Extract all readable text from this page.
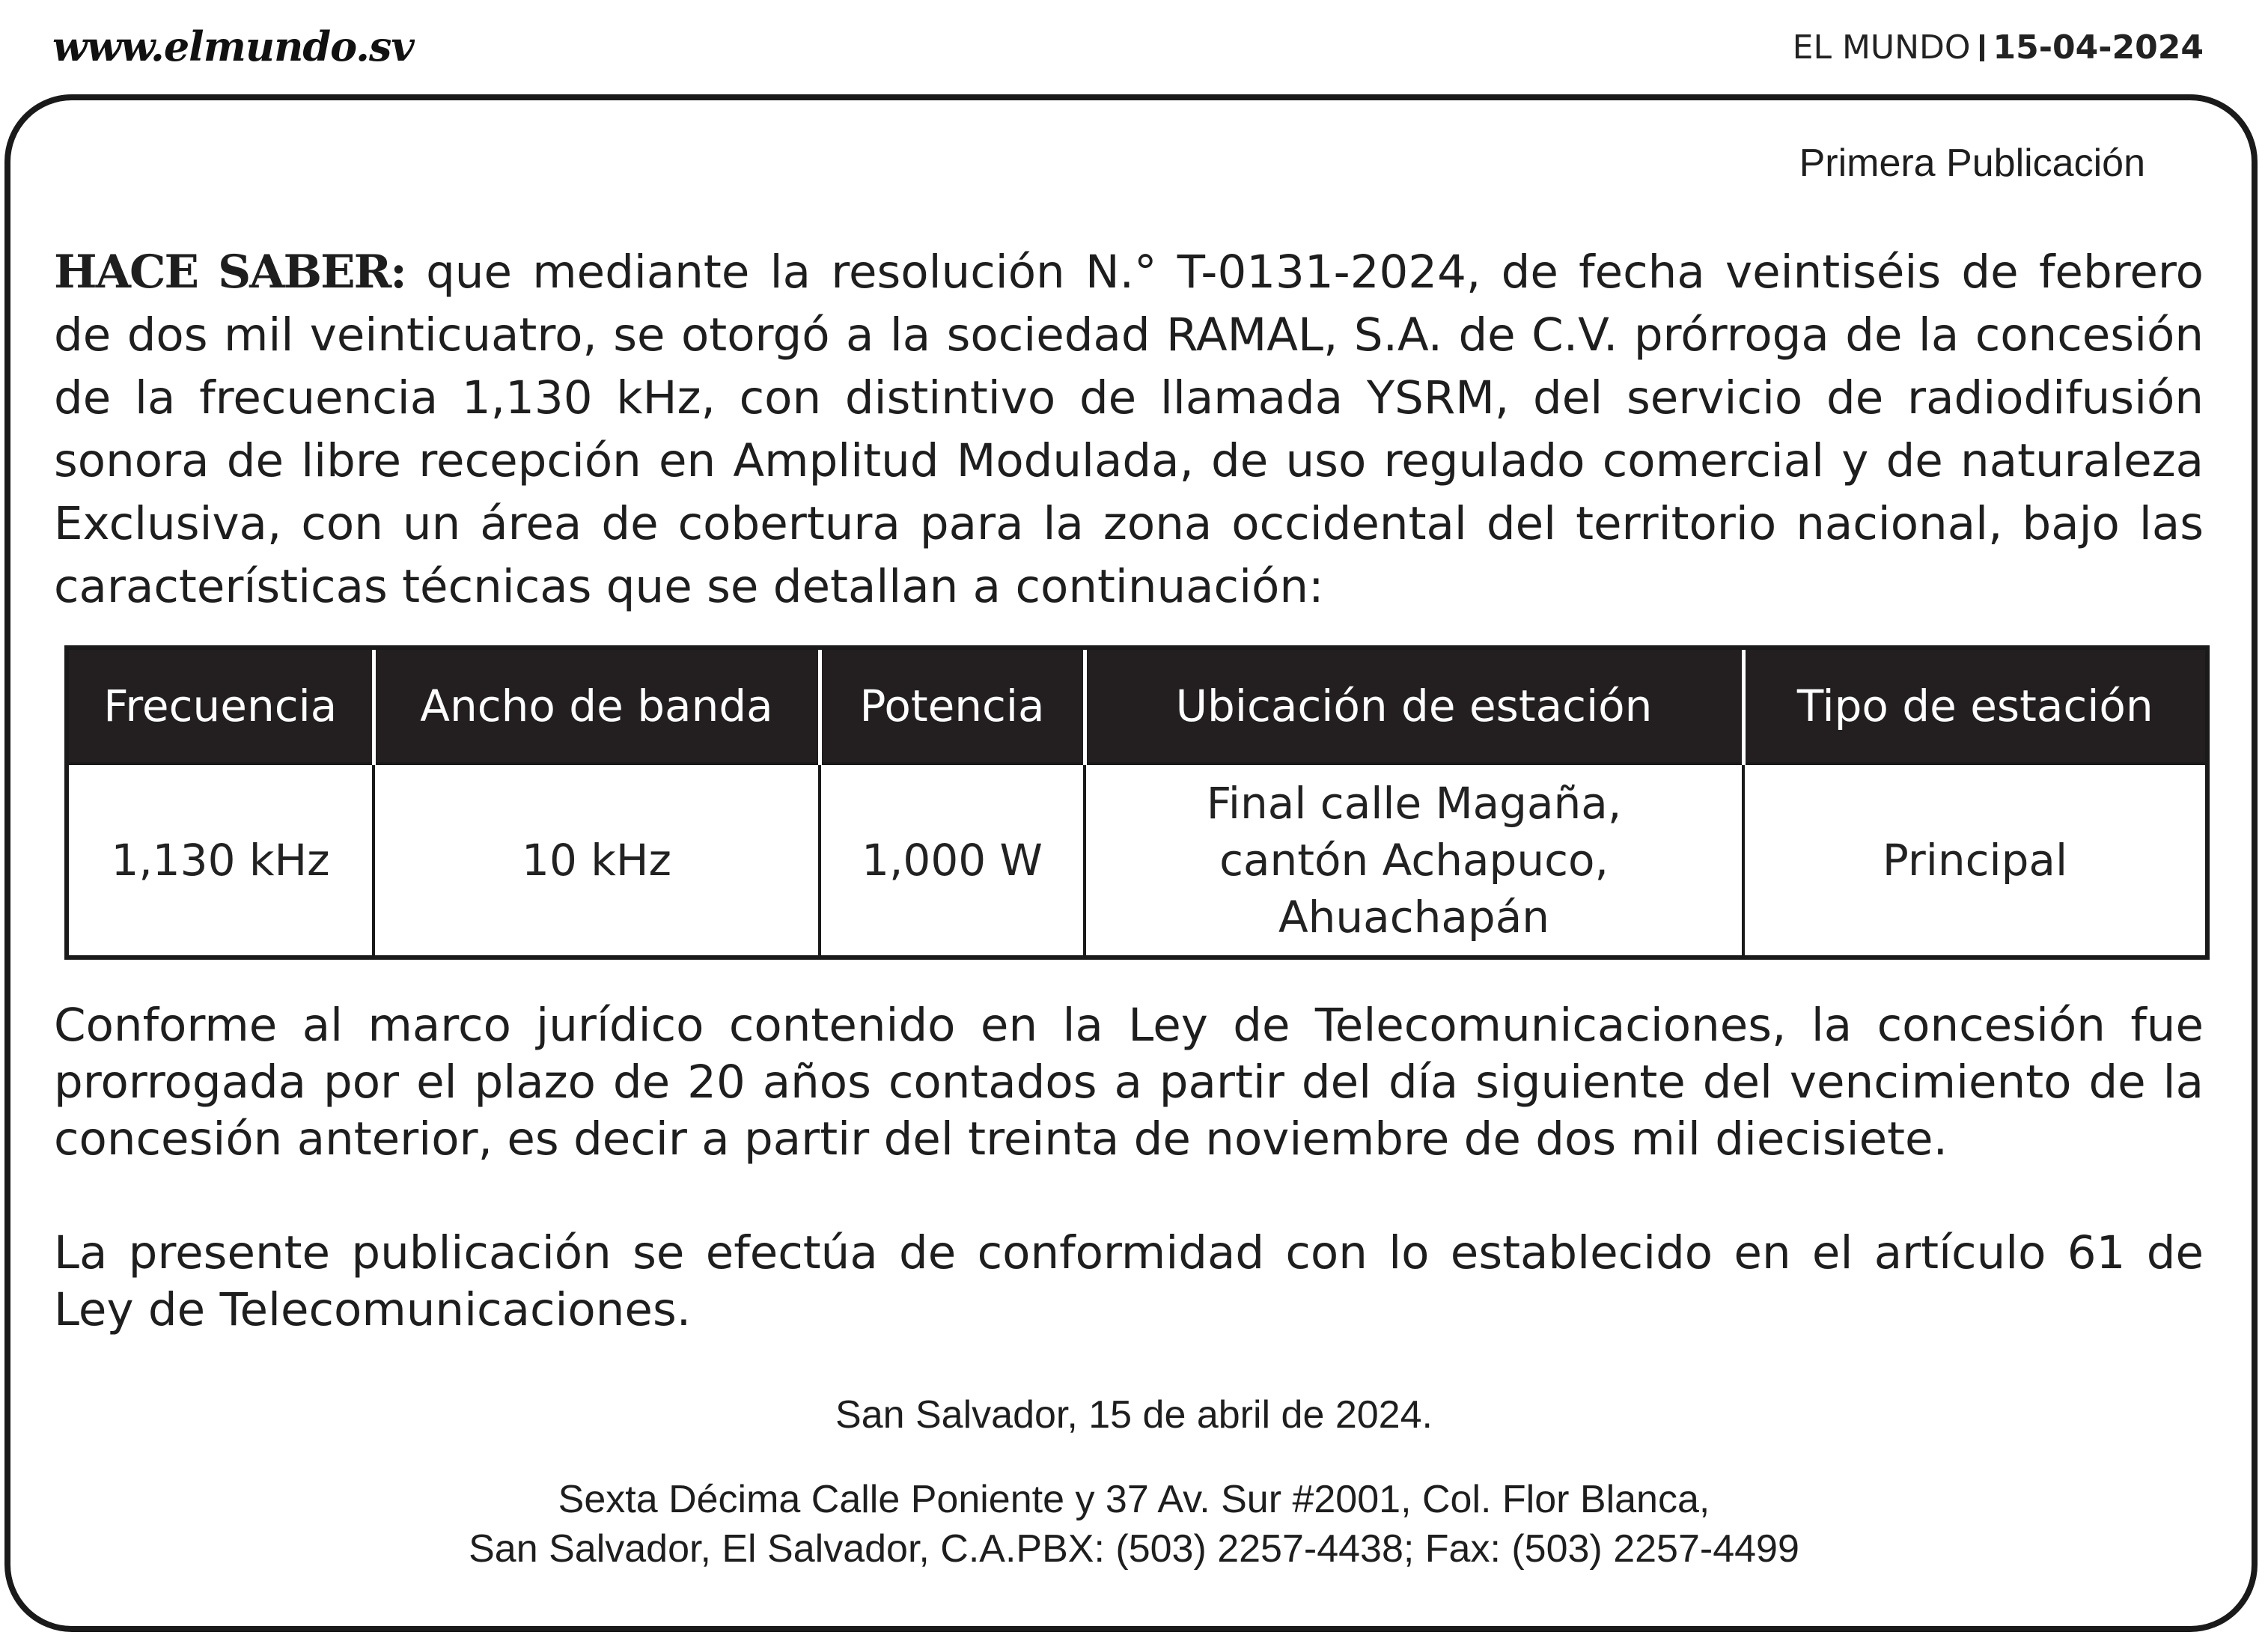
www.elmundo.sv	EL MUNDO 15-04-2024
Primera Publicación

HACE SABER: que mediante la resolución N.° T-0131-2024, de fecha veintiséis de febrero de dos mil veinticuatro, se otorgó a la sociedad RAMAL, S.A. de C.V. prórroga de la concesión de la frecuencia 1,130 kHz, con distintivo de llamada YSRM, del servicio de radiodifusión sonora de libre recepción en Amplitud Modulada, de uso regulado comercial y de naturaleza Exclusiva, con un área de cobertura para la zona occidental del territorio nacional, bajo las características técnicas que se detallan a continuación:

Frecuencia	Ancho de banda	Potencia	Ubicación de estación	Tipo de estación
1,130 kHz	10 kHz	1,000 W	Final calle Magaña, cantón Achapuco, Ahuachapán	Principal

Conforme al marco jurídico contenido en la Ley de Telecomunicaciones, la concesión fue prorrogada por el plazo de 20 años contados a partir del día siguiente del vencimiento de la concesión anterior, es decir a partir del treinta de noviembre de dos mil diecisiete.

La presente publicación se efectúa de conformidad con lo establecido en el artículo 61 de Ley de Telecomunicaciones.

San Salvador, 15 de abril de 2024.
Sexta Décima Calle Poniente y 37 Av. Sur #2001, Col. Flor Blanca,
San Salvador, El Salvador, C.A.PBX: (503) 2257-4438; Fax: (503) 2257-4499
